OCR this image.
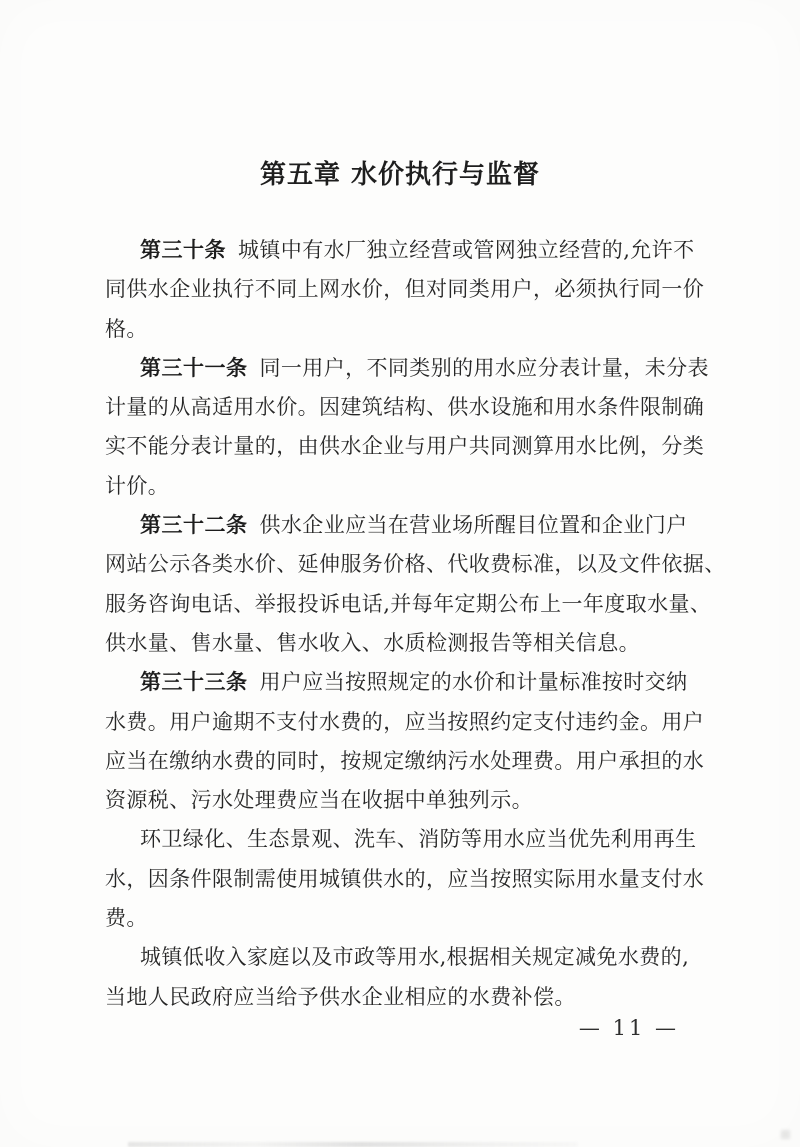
第五章 水价执行与监督
第三十条 城镇中有水厂独立经营或管网独立经营的,允许不
同供水企业执行不同上网水价，但对同类用户，必须执行同一价
格。
第三十一条 同一用户，不同类别的用水应分表计量，未分表
计量的从高适用水价。因建筑结构、供水设施和用水条件限制确
实不能分表计量的，由供水企业与用户共同测算用水比例，分类
计价。
第三十二条 供水企业应当在营业场所醒目位置和企业门户
网站公示各类水价、延伸服务价格、代收费标准，以及文件依据、
服务咨询电话、举报投诉电话,并每年定期公布上一年度取水量、
供水量、售水量、售水收入、水质检测报告等相关信息。
第三十三条 用户应当按照规定的水价和计量标准按时交纳
水费。用户逾期不支付水费的，应当按照约定支付违约金。用户
应当在缴纳水费的同时，按规定缴纳污水处理费。用户承担的水
资源税、污水处理费应当在收据中单独列示。
环卫绿化、生态景观、洗车、消防等用水应当优先利用再生
水，因条件限制需使用城镇供水的，应当按照实际用水量支付水
费。
城镇低收入家庭以及市政等用水,根据相关规定减免水费的,
当地人民政府应当给予供水企业相应的水费补偿。
— 11 —
